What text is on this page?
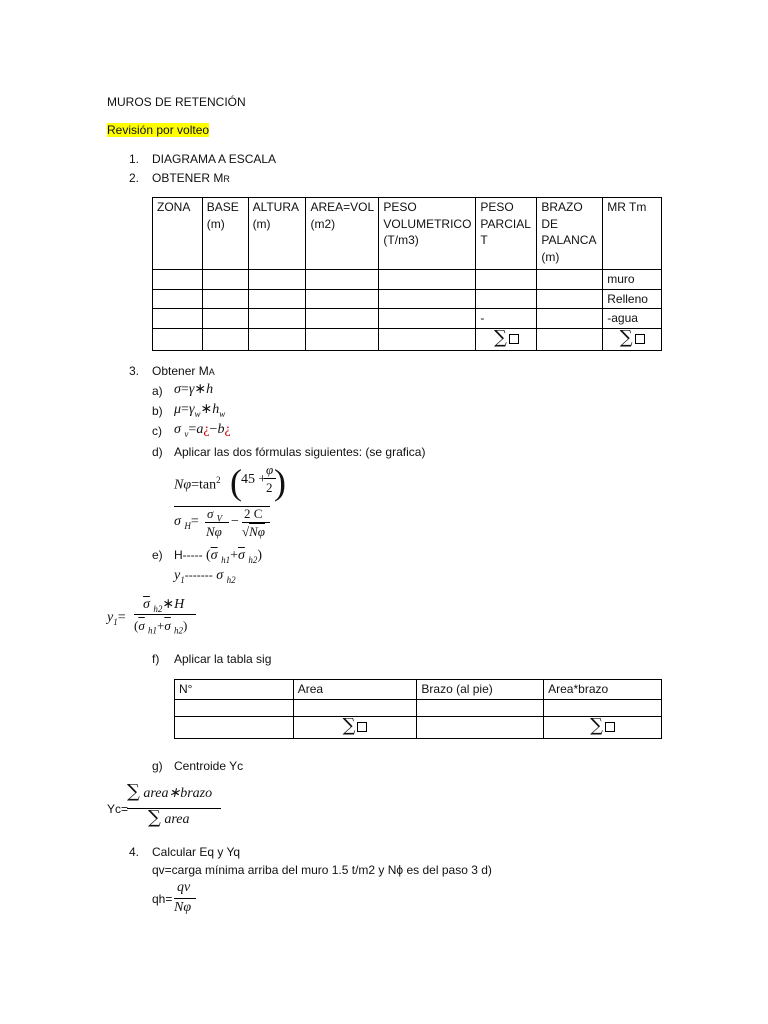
MUROS DE RETENCIÓN
Revisión por volteo
1. DIAGRAMA A ESCALA
2. OBTENER MR
ZONA	BASE (m)	ALTURA (m)	AREA=VOL (m2)	PESO VOLUMETRICO (T/m3)	PESO PARCIAL T	BRAZO DE PALANCA (m)	MR Tm
							muro
							Relleno
					-		-agua
					∑		∑
3. Obtener MA
a) σ=γ∗h
b) $\mu=\gamma_w∗h_w$
c) σ $_v$=a¿−b¿
d) Aplicar las dos fórmulas siguientes: (se grafica)
$N\varphi=\tan^2$ ( 45 +
φ
2 )
σ $_H$=
σ $_V$
Nφ
−
2 C
√Nφ
e) H----- ($\overline{\sigma}$ $_{h1}+\overline{\sigma}$ $_{h2}$)
$y_1-------$ σ $_{h2}$
$y_1=$
$\overline{\sigma}$ $_{h2}$∗H
($\overline{\sigma}$ $_{h1}+\overline{\sigma}$ $_{h2}$)
f) Aplicar la tabla sig
N°	Area	Brazo (al pie)	Area*brazo

	∑		∑
g) Centroide Yc
Yc=
∑ area∗brazo
∑ area
4. Calcular Eq y Yq
qv=carga mínima arriba del muro 1.5 t/m2 y Nϕ es del paso 3 d)
qh=
qv
Nφ
